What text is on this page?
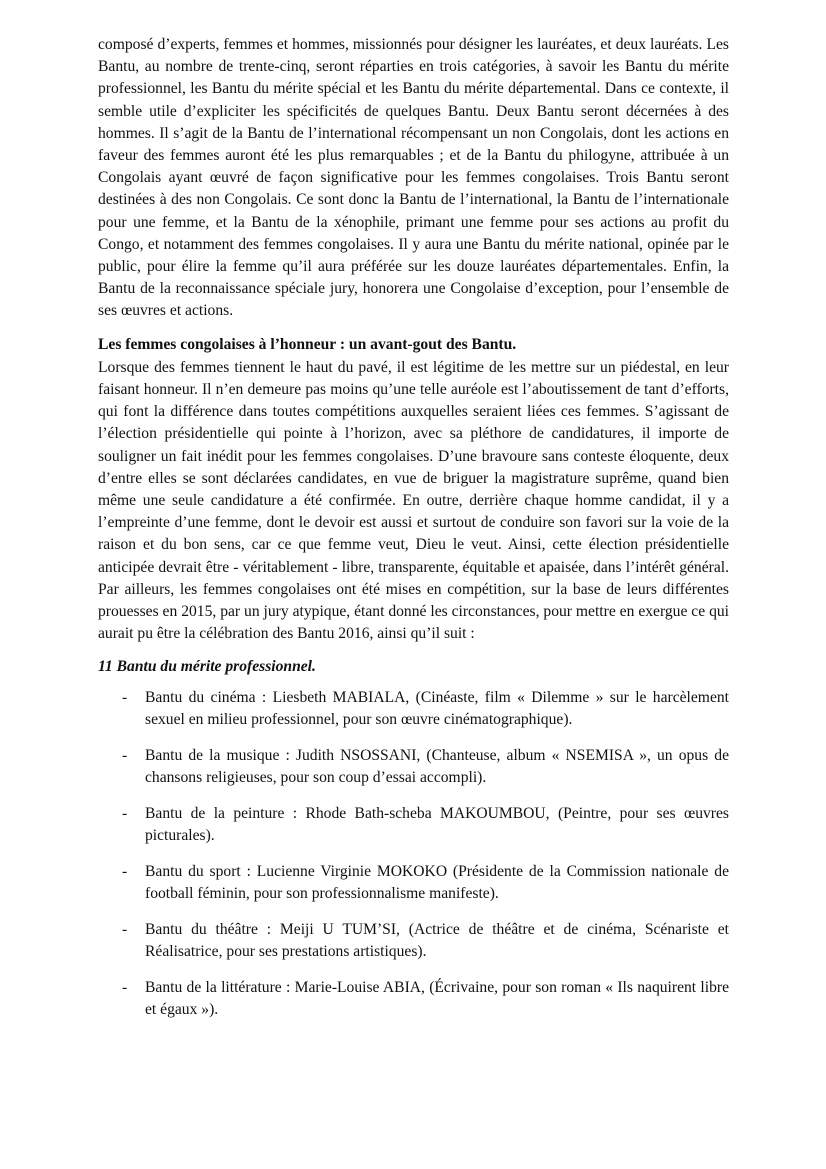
composé d’experts, femmes et hommes, missionnés pour désigner les lauréates, et deux lauréats. Les Bantu, au nombre de trente-cinq, seront réparties en trois catégories, à savoir les Bantu du mérite professionnel, les Bantu du mérite spécial et les Bantu du mérite départemental. Dans ce contexte, il semble utile d’expliciter les spécificités de quelques Bantu. Deux Bantu seront décernées à des hommes. Il s’agit de la Bantu de l’international récompensant un non Congolais, dont les actions en faveur des femmes auront été les plus remarquables ; et de la Bantu du philogyne, attribuée à un Congolais ayant œuvré de façon significative pour les femmes congolaises. Trois Bantu seront destinées à des non Congolais. Ce sont donc la Bantu de l’international, la Bantu de l’internationale pour une femme, et la Bantu de la xénophile, primant une femme pour ses actions au profit du Congo, et notamment des femmes congolaises. Il y aura une Bantu du mérite national, opinée par le public, pour élire la femme qu’il aura préférée sur les douze lauréates départementales. Enfin, la Bantu de la reconnaissance spéciale jury, honorera une Congolaise d’exception, pour l’ensemble de ses œuvres et actions.

Les femmes congolaises à l’honneur : un avant-gout des Bantu.

Lorsque des femmes tiennent le haut du pavé, il est légitime de les mettre sur un piédestal, en leur faisant honneur. Il n’en demeure pas moins qu’une telle auréole est l’aboutissement de tant d’efforts, qui font la différence dans toutes compétitions auxquelles seraient liées ces femmes. S’agissant de l’élection présidentielle qui pointe à l’horizon, avec sa pléthore de candidatures, il importe de souligner un fait inédit pour les femmes congolaises. D’une bravoure sans conteste éloquente, deux d’entre elles se sont déclarées candidates, en vue de briguer la magistrature suprême, quand bien même une seule candidature a été confirmée. En outre, derrière chaque homme candidat, il y a l’empreinte d’une femme, dont le devoir est aussi et surtout de conduire son favori sur la voie de la raison et du bon sens, car ce que femme veut, Dieu le veut. Ainsi, cette élection présidentielle anticipée devrait être - véritablement - libre, transparente, équitable et apaisée, dans l’intérêt général. Par ailleurs, les femmes congolaises ont été mises en compétition, sur la base de leurs différentes prouesses en 2015, par un jury atypique, étant donné les circonstances, pour mettre en exergue ce qui aurait pu être la célébration des Bantu 2016, ainsi qu’il suit :

11 Bantu du mérite professionnel.
-	Bantu du cinéma : Liesbeth MABIALA, (Cinéaste, film « Dilemme » sur le harcèlement sexuel en milieu professionnel, pour son œuvre cinématographique).
-	Bantu de la musique : Judith NSOSSANI, (Chanteuse, album « NSEMISA », un opus de chansons religieuses, pour son coup d’essai accompli).
-	Bantu de la peinture : Rhode Bath-scheba MAKOUMBOU, (Peintre, pour ses œuvres picturales).
-	Bantu du sport : Lucienne Virginie MOKOKO (Présidente de la Commission nationale de football féminin, pour son professionnalisme manifeste).
-	Bantu du théâtre : Meiji U TUM’SI, (Actrice de théâtre et de cinéma, Scénariste et Réalisatrice, pour ses prestations artistiques).
-	Bantu de la littérature : Marie-Louise ABIA, (Écrivaine, pour son roman « Ils naquirent libre et égaux »).
